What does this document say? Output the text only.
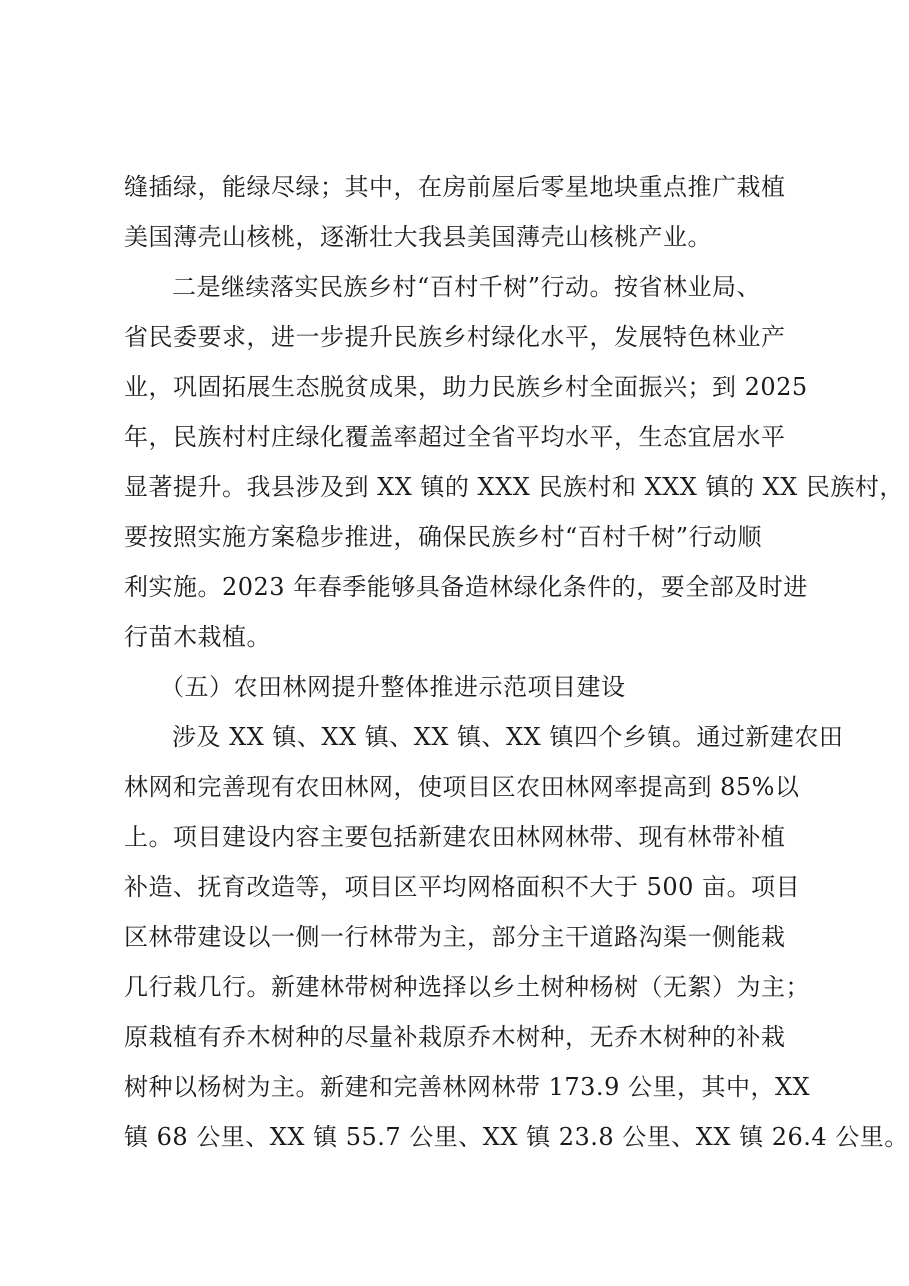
缝插绿，能绿尽绿；其中，在房前屋后零星地块重点推广栽植
美国薄壳山核桃，逐渐壮大我县美国薄壳山核桃产业。
二是继续落实民族乡村“百村千树”行动。按省林业局、
省民委要求，进一步提升民族乡村绿化水平，发展特色林业产
业，巩固拓展生态脱贫成果，助力民族乡村全面振兴；到 2025
年，民族村村庄绿化覆盖率超过全省平均水平，生态宜居水平
显著提升。我县涉及到 XX 镇的 XXX 民族村和 XXX 镇的 XX 民族村，
要按照实施方案稳步推进，确保民族乡村“百村千树”行动顺
利实施。2023 年春季能够具备造林绿化条件的，要全部及时进
行苗木栽植。
（五）农田林网提升整体推进示范项目建设
涉及 XX 镇、XX 镇、XX 镇、XX 镇四个乡镇。通过新建农田
林网和完善现有农田林网，使项目区农田林网率提高到 85%以
上。项目建设内容主要包括新建农田林网林带、现有林带补植
补造、抚育改造等，项目区平均网格面积不大于 500 亩。项目
区林带建设以一侧一行林带为主，部分主干道路沟渠一侧能栽
几行栽几行。新建林带树种选择以乡土树种杨树（无絮）为主；
原栽植有乔木树种的尽量补栽原乔木树种，无乔木树种的补栽
树种以杨树为主。新建和完善林网林带 173.9 公里，其中，XX
镇 68 公里、XX 镇 55.7 公里、XX 镇 23.8 公里、XX 镇 26.4 公里。
